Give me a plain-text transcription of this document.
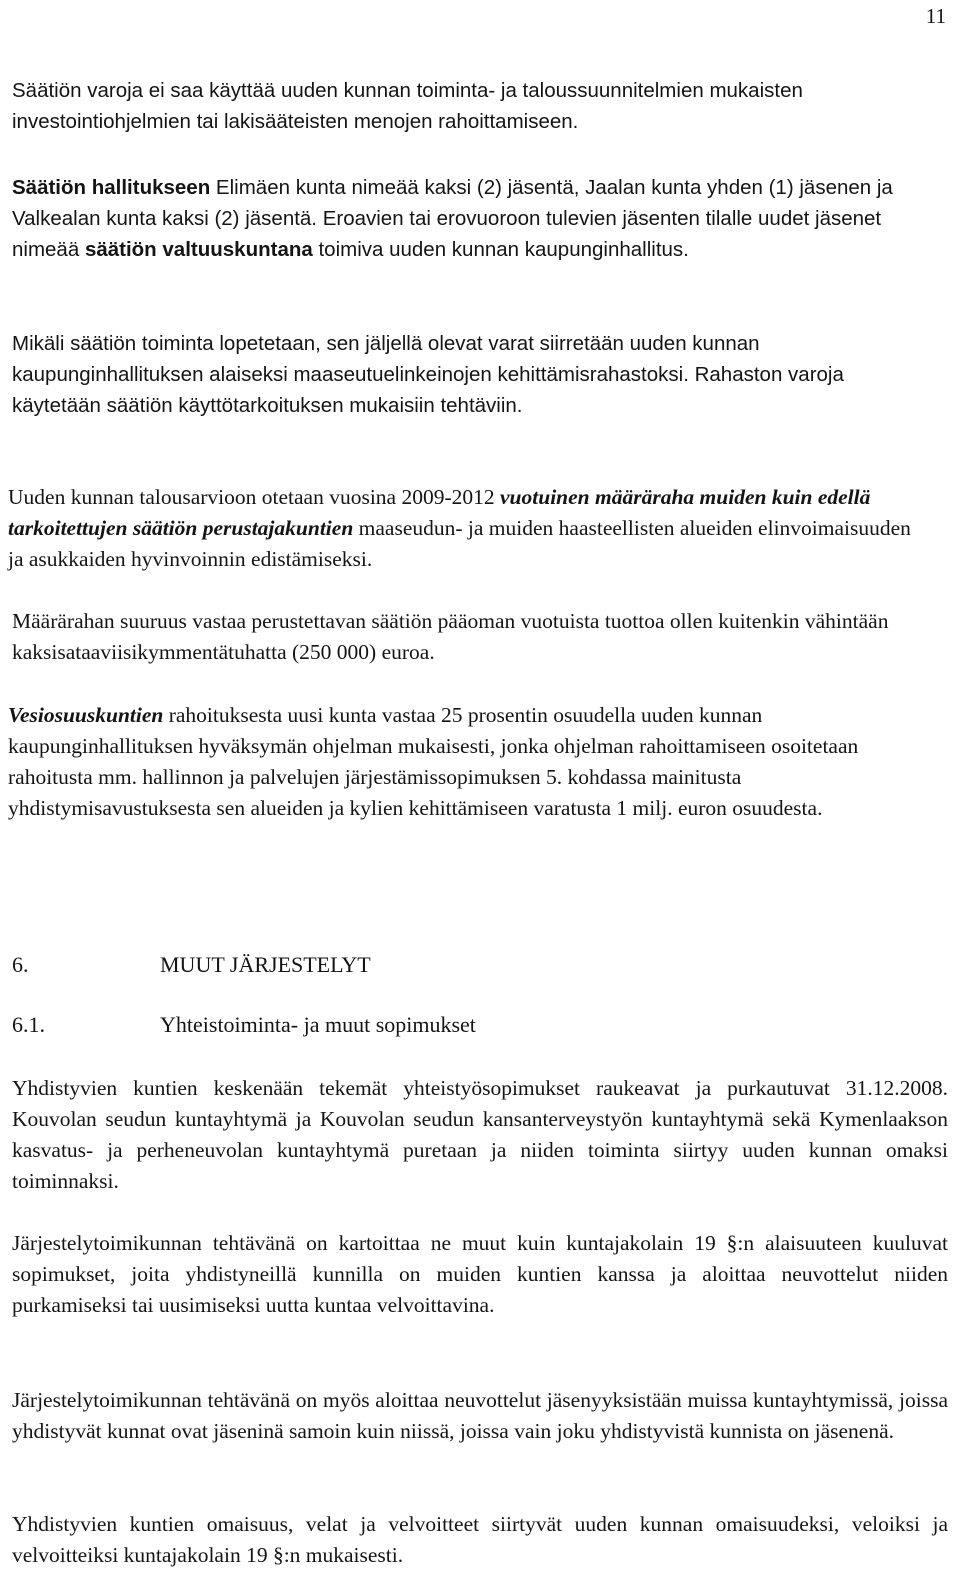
11

Säätiön varoja ei saa käyttää uuden kunnan toiminta- ja taloussuunnitelmien mukaisten investointiohjelmien tai lakisääteisten menojen rahoittamiseen.

Säätiön hallitukseen Elimäen kunta nimeää kaksi (2) jäsentä, Jaalan kunta yhden (1) jäsenen ja Valkealan kunta kaksi (2) jäsentä. Eroavien tai erovuoroon tulevien jäsenten tilalle uudet jäsenet nimeää säätiön valtuuskuntana toimiva uuden kunnan kaupunginhallitus.

Mikäli säätiön toiminta lopetetaan, sen jäljellä olevat varat siirretään uuden kunnan kaupunginhallituksen alaiseksi maaseutuelinkeinojen kehittämisrahastoksi. Rahaston varoja käytetään säätiön käyttötarkoituksen mukaisiin tehtäviin.

Uuden kunnan talousarvioon otetaan vuosina 2009-2012 vuotuinen määräraha muiden kuin edellä tarkoitettujen säätiön perustajakuntien maaseudun- ja muiden haasteellisten alueiden elinvoimaisuuden ja asukkaiden hyvinvoinnin edistämiseksi.

Määrärahan suuruus vastaa perustettavan säätiön pääoman vuotuista tuottoa ollen kuitenkin vähintään kaksisataaviisikymmentätuhatta (250 000) euroa.

Vesiosuuskuntien rahoituksesta uusi kunta vastaa 25 prosentin osuudella uuden kunnan kaupunginhallituksen hyväksymän ohjelman mukaisesti, jonka ohjelman rahoittamiseen osoitetaan rahoitusta mm. hallinnon ja palvelujen järjestämissopimuksen 5. kohdassa mainitusta yhdistymisavustuksesta sen alueiden ja kylien kehittämiseen varatusta 1 milj. euron osuudesta.

6.	MUUT JÄRJESTELYT
6.1.	Yhteistoiminta- ja muut sopimukset

Yhdistyvien kuntien keskenään tekemät yhteistyösopimukset raukeavat ja purkautuvat 31.12.2008. Kouvolan seudun kuntayhtymä ja Kouvolan seudun kansanterveystyön kuntayhtymä sekä Kymenlaakson kasvatus- ja perheneuvolan kuntayhtymä puretaan ja niiden toiminta siirtyy uuden kunnan omaksi toiminnaksi.

Järjestelytoimikunnan tehtävänä on kartoittaa ne muut kuin kuntajakolain 19 §:n alaisuuteen kuuluvat sopimukset, joita yhdistyneillä kunnilla on muiden kuntien kanssa ja aloittaa neuvottelut niiden purkamiseksi tai uusimiseksi uutta kuntaa velvoittavina.

Järjestelytoimikunnan tehtävänä on myös aloittaa neuvottelut jäsenyyksistään muissa kuntayhtymissä, joissa yhdistyvät kunnat ovat jäseninä samoin kuin niissä, joissa vain joku yhdistyvistä kunnista on jäsenenä.

Yhdistyvien kuntien omaisuus, velat ja velvoitteet siirtyvät uuden kunnan omaisuudeksi, veloiksi ja velvoitteiksi kuntajakolain 19 §:n mukaisesti.
